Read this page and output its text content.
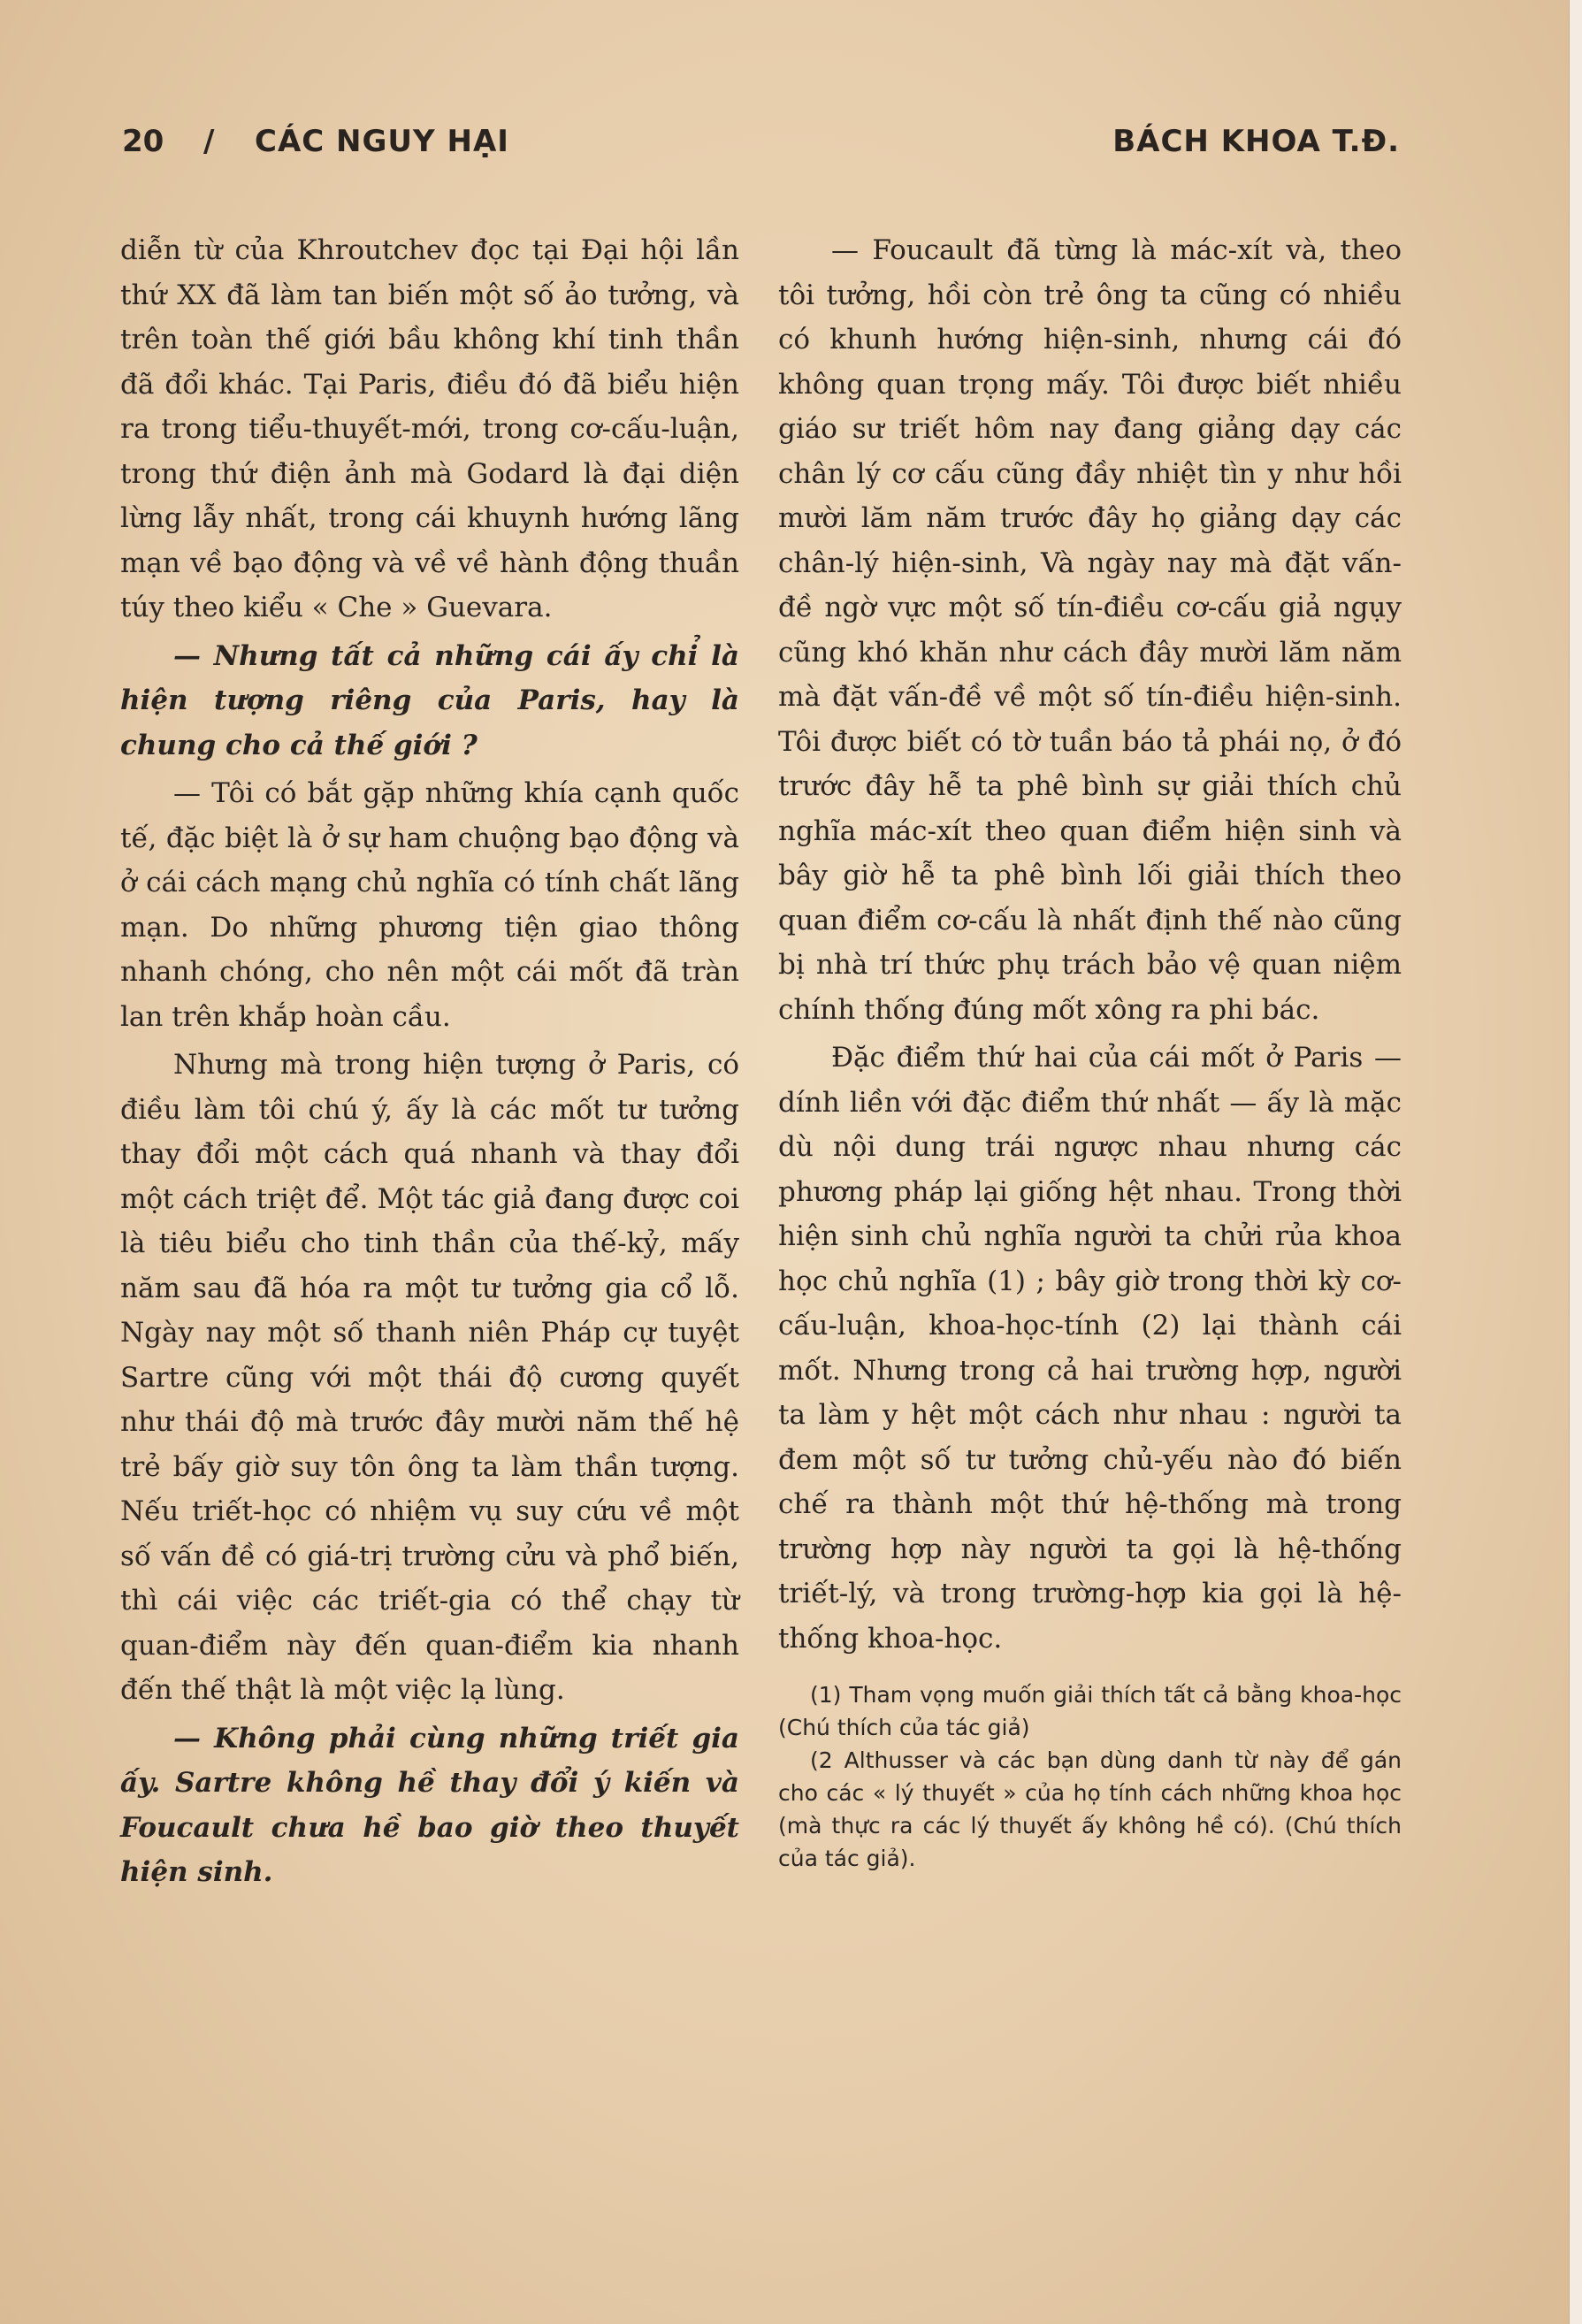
20 / CÁC NGUY HẠI	BÁCH KHOA T.Đ.

diễn từ của Khroutchev đọc tại Đại hội lần thứ XX đã làm tan biến một số ảo tưởng, và trên toàn thế giới bầu không khí tinh thần đã đổi khác. Tại Paris, điều đó đã biểu hiện ra trong tiểu-thuyết-mới, trong cơ-cấu-luận, trong thứ điện ảnh mà Godard là đại diện lừng lẫy nhất, trong cái khuynh hướng lãng mạn về bạo động và về về hành động thuần túy theo kiểu « Che » Guevara.

— Nhưng tất cả những cái ấy chỉ là hiện tượng riêng của Paris, hay là chung cho cả thế giới ?

— Tôi có bắt gặp những khía cạnh quốc tế, đặc biệt là ở sự ham chuộng bạo động và ở cái cách mạng chủ nghĩa có tính chất lãng mạn. Do những phương tiện giao thông nhanh chóng, cho nên một cái mốt đã tràn lan trên khắp hoàn cầu.

Nhưng mà trong hiện tượng ở Paris, có điều làm tôi chú ý, ấy là các mốt tư tưởng thay đổi một cách quá nhanh và thay đổi một cách triệt để. Một tác giả đang được coi là tiêu biểu cho tinh thần của thế-kỷ, mấy năm sau đã hóa ra một tư tưởng gia cổ lỗ. Ngày nay một số thanh niên Pháp cự tuyệt Sartre cũng với một thái độ cương quyết như thái độ mà trước đây mười năm thế hệ trẻ bấy giờ suy tôn ông ta làm thần tượng. Nếu triết-học có nhiệm vụ suy cứu về một số vấn đề có giá-trị trường cửu và phổ biến, thì cái việc các triết-gia có thể chạy từ quan-điểm này đến quan-điểm kia nhanh đến thế thật là một việc lạ lùng.

— Không phải cùng những triết gia ấy. Sartre không hề thay đổi ý kiến và Foucault chưa hề bao giờ theo thuyết hiện sinh.

— Foucault đã từng là mác-xít và, theo tôi tưởng, hồi còn trẻ ông ta cũng có nhiều có khunh hướng hiện-sinh, nhưng cái đó không quan trọng mấy. Tôi được biết nhiều giáo sư triết hôm nay đang giảng dạy các chân lý cơ cấu cũng đầy nhiệt tìn y như hồi mười lăm năm trước đây họ giảng dạy các chân-lý hiện-sinh, Và ngày nay mà đặt vấn-đề ngờ vực một số tín-điều cơ-cấu giả ngụy cũng khó khăn như cách đây mười lăm năm mà đặt vấn-đề về một số tín-điều hiện-sinh. Tôi được biết có tờ tuần báo tả phái nọ, ở đó trước đây hễ ta phê bình sự giải thích chủ nghĩa mác-xít theo quan điểm hiện sinh và bây giờ hễ ta phê bình lối giải thích theo quan điểm cơ-cấu là nhất định thế nào cũng bị nhà trí thức phụ trách bảo vệ quan niệm chính thống đúng mốt xông ra phi bác.

Đặc điểm thứ hai của cái mốt ở Paris — dính liền với đặc điểm thứ nhất — ấy là mặc dù nội dung trái ngược nhau nhưng các phương pháp lại giống hệt nhau. Trong thời hiện sinh chủ nghĩa người ta chửi rủa khoa học chủ nghĩa (1) ; bây giờ trong thời kỳ cơ-cấu-luận, khoa-học-tính (2) lại thành cái mốt. Nhưng trong cả hai trường hợp, người ta làm y hệt một cách như nhau : người ta đem một số tư tưởng chủ-yếu nào đó biến chế ra thành một thứ hệ-thống mà trong trường hợp này người ta gọi là hệ-thống triết-lý, và trong trường-hợp kia gọi là hệ-thống khoa-học.

(1) Tham vọng muốn giải thích tất cả bằng khoa-học (Chú thích của tác giả)

(2 Althusser và các bạn dùng danh từ này để gán cho các « lý thuyết » của họ tính cách những khoa học (mà thực ra các lý thuyết ấy không hề có). (Chú thích của tác giả).
